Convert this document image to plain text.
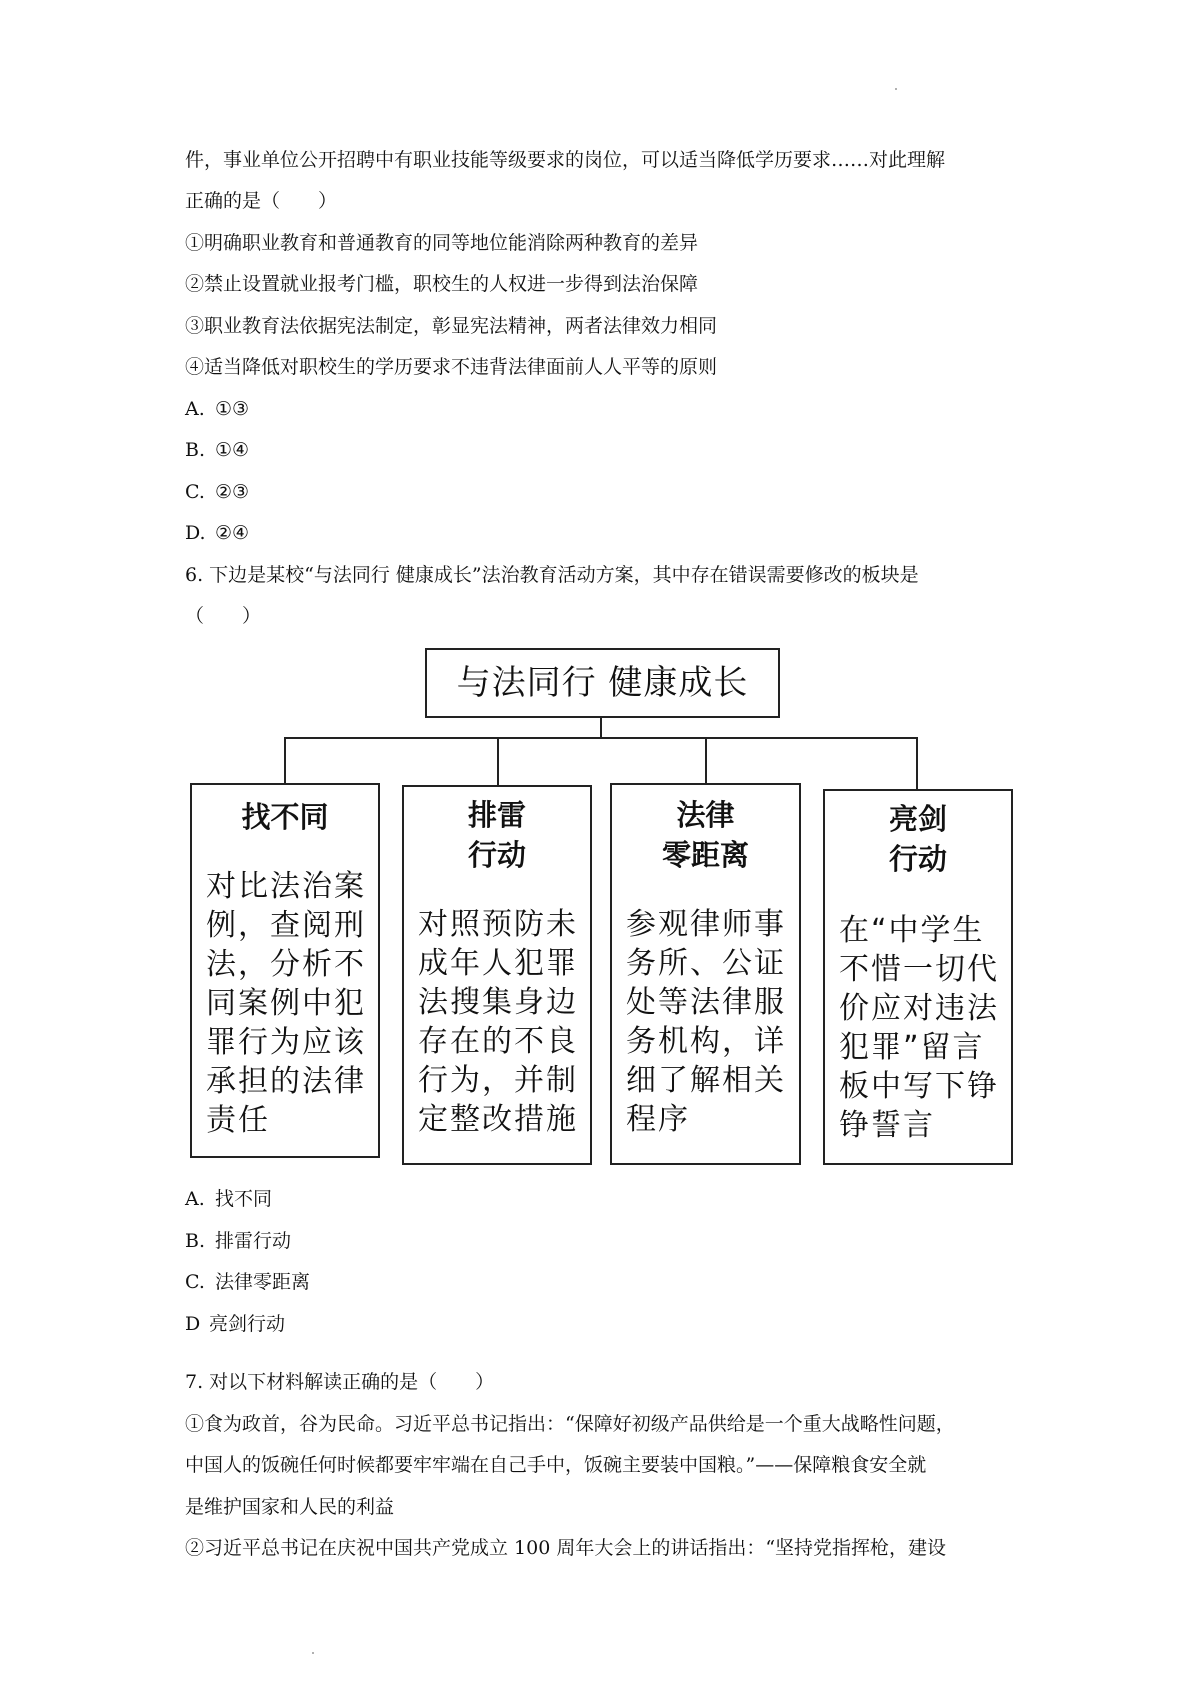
件，事业单位公开招聘中有职业技能等级要求的岗位，可以适当降低学历要求……对此理解
正确的是（　　）
①明确职业教育和普通教育的同等地位能消除两种教育的差异
②禁止设置就业报考门槛，职校生的人权进一步得到法治保障
③职业教育法依据宪法制定，彰显宪法精神，两者法律效力相同
④适当降低对职校生的学历要求不违背法律面前人人平等的原则
A. ①③
B. ①④
C. ②③
D. ②④
6. 下边是某校“与法同行 健康成长”法治教育活动方案，其中存在错误需要修改的板块是
（　　）
与法同行 健康成长
找不同
对比法治案例，查阅刑法，分析不同案例中犯罪行为应该承担的法律责任
排雷
行动
对照预防未成年人犯罪法搜集身边存在的不良行为，并制定整改措施
法律
零距离
参观律师事务所、公证处等法律服务机构，详细了解相关程序
亮剑
行动
在“中学生不惜一切代价应对违法犯罪”留言板中写下铮铮誓言
A. 找不同
B. 排雷行动
C. 法律零距离
D 亮剑行动
7. 对以下材料解读正确的是（　　）
①食为政首，谷为民命。习近平总书记指出：“保障好初级产品供给是一个重大战略性问题，
中国人的饭碗任何时候都要牢牢端在自己手中，饭碗主要装中国粮。”——保障粮食安全就
是维护国家和人民的利益
②习近平总书记在庆祝中国共产党成立 100 周年大会上的讲话指出：“坚持党指挥枪，建设
